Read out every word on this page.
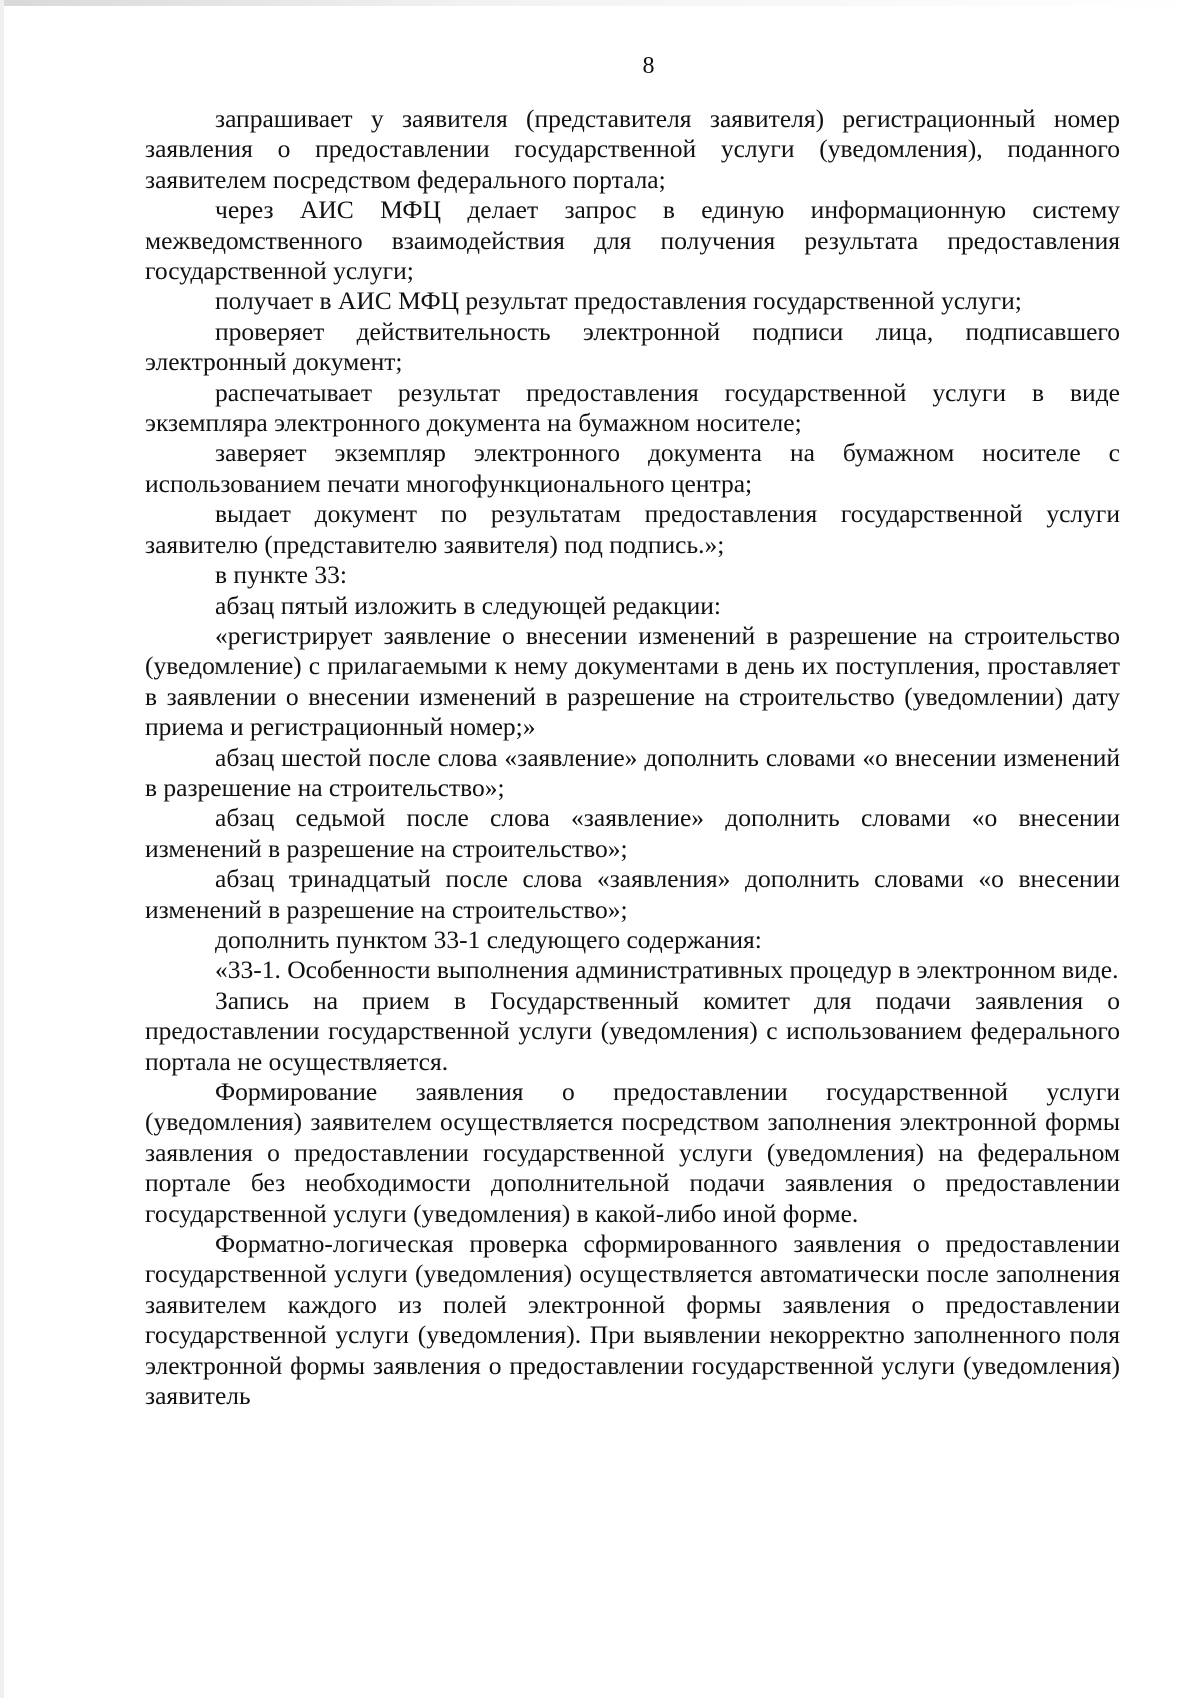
8

запрашивает у заявителя (представителя заявителя) регистрационный номер заявления о предоставлении государственной услуги (уведомления), поданного заявителем посредством федерального портала;

через АИС МФЦ делает запрос в единую информационную систему межведомственного взаимодействия для получения результата предоставления государственной услуги;

получает в АИС МФЦ результат предоставления государственной услуги;

проверяет действительность электронной подписи лица, подписавшего электронный документ;

распечатывает результат предоставления государственной услуги в виде экземпляра электронного документа на бумажном носителе;

заверяет экземпляр электронного документа на бумажном носителе с использованием печати многофункционального центра;

выдает документ по результатам предоставления государственной услуги заявителю (представителю заявителя) под подпись.»;

в пункте 33:

абзац пятый изложить в следующей редакции:

«регистрирует заявление о внесении изменений в разрешение на строительство (уведомление) с прилагаемыми к нему документами в день их поступления, проставляет в заявлении о внесении изменений в разрешение на строительство (уведомлении) дату приема и регистрационный номер;»

абзац шестой после слова «заявление» дополнить словами «о внесении изменений в разрешение на строительство»;

абзац седьмой после слова «заявление» дополнить словами «о внесении изменений в разрешение на строительство»;

абзац тринадцатый после слова «заявления» дополнить словами «о внесении изменений в разрешение на строительство»;

дополнить пунктом 33-1 следующего содержания:

«33-1. Особенности выполнения административных процедур в электронном виде.

Запись на прием в Государственный комитет для подачи заявления о предоставлении государственной услуги (уведомления) с использованием федерального портала не осуществляется.

Формирование заявления о предоставлении государственной услуги (уведомления) заявителем осуществляется посредством заполнения электронной формы заявления о предоставлении государственной услуги (уведомления) на федеральном портале без необходимости дополнительной подачи заявления о предоставлении государственной услуги (уведомления) в какой-либо иной форме.

Форматно-логическая проверка сформированного заявления о предоставлении государственной услуги (уведомления) осуществляется автоматически после заполнения заявителем каждого из полей электронной формы заявления о предоставлении государственной услуги (уведомления). При выявлении некорректно заполненного поля электронной формы заявления о предоставлении государственной услуги (уведомления) заявитель
